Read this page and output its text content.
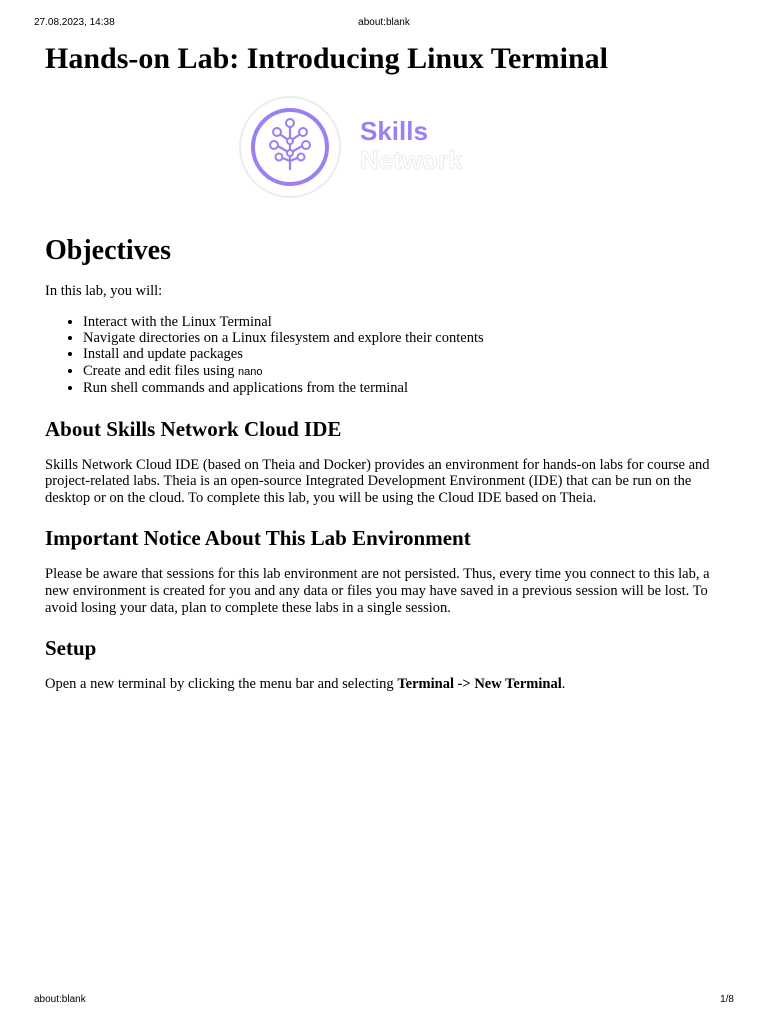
27.08.2023, 14:38	about:blank
Hands-on Lab: Introducing Linux Terminal
Skills
Network
Objectives

In this lab, you will:

• Interact with the Linux Terminal
• Navigate directories on a Linux filesystem and explore their contents
• Install and update packages
• Create and edit files using nano
• Run shell commands and applications from the terminal
About Skills Network Cloud IDE

Skills Network Cloud IDE (based on Theia and Docker) provides an environment for hands-on labs for course and project-related labs. Theia is an open-source Integrated Development Environment (IDE) that can be run on the desktop or on the cloud. To complete this lab, you will be using the Cloud IDE based on Theia.

Important Notice About This Lab Environment

Please be aware that sessions for this lab environment are not persisted. Thus, every time you connect to this lab, a new environment is created for you and any data or files you may have saved in a previous session will be lost. To avoid losing your data, plan to complete these labs in a single session.

Setup

Open a new terminal by clicking the menu bar and selecting Terminal -> New Terminal.

about:blank	1/8
